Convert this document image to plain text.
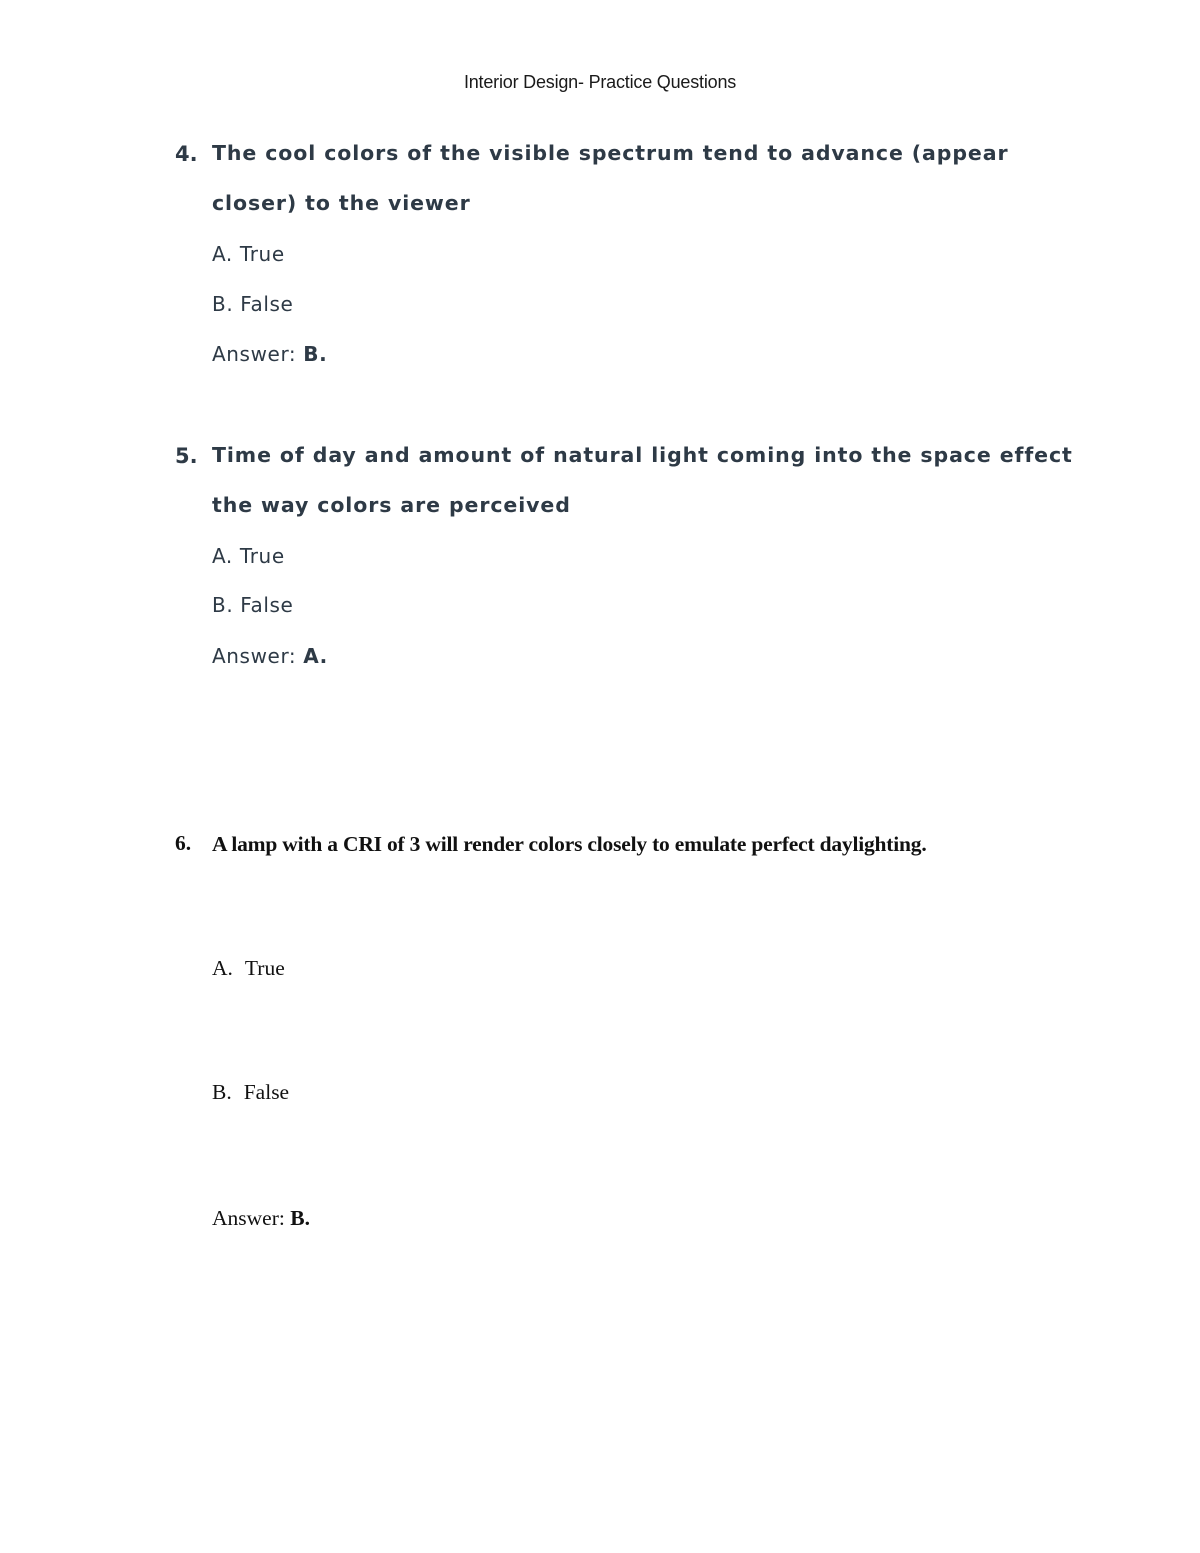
Interior Design- Practice Questions
4. The cool colors of the visible spectrum tend to advance (appear
closer) to the viewer
A. True
B. False
Answer: B.
5. Time of day and amount of natural light coming into the space effect
the way colors are perceived
A. True
B. False
Answer: A.
6. A lamp with a CRI of 3 will render colors closely to emulate perfect daylighting.
A. True
B. False
Answer: B.
